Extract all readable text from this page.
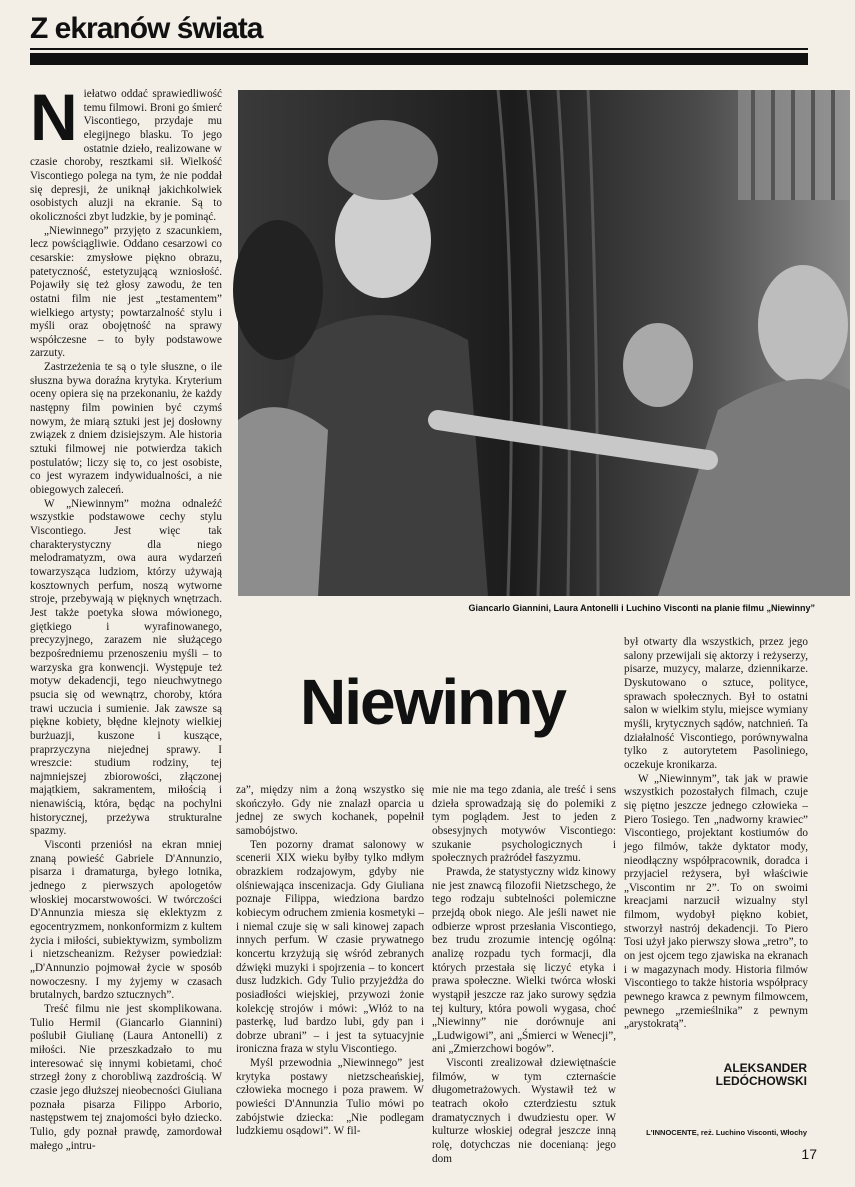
Z ekranów świata

Niełatwo oddać sprawiedliwość temu filmowi. Broni go śmierć Viscontiego, przydaje mu elegijnego blasku. To jego ostatnie dzieło, realizowane w czasie choroby, resztkami sił. Wielkość Viscontiego polega na tym, że nie poddał się depresji, że uniknął jakichkolwiek osobistych aluzji na ekranie. Są to okoliczności zbyt ludzkie, by je pominąć.

„Niewinnego” przyjęto z szacunkiem, lecz powściągliwie. Oddano cesarzowi co cesarskie: zmysłowe piękno obrazu, patetyczność, estetyzującą wzniosłość. Pojawiły się też głosy zawodu, że ten ostatni film nie jest „testamentem” wielkiego artysty; powtarzalność stylu i myśli oraz obojętność na sprawy współczesne – to były podstawowe zarzuty.

Zastrzeżenia te są o tyle słuszne, o ile słuszna bywa doraźna krytyka. Kryterium oceny opiera się na przekonaniu, że każdy następny film powinien być czymś nowym, że miarą sztuki jest jej dosłowny związek z dniem dzisiejszym. Ale historia sztuki filmowej nie potwierdza takich postulatów; liczy się to, co jest osobiste, co jest wyrazem indywidualności, a nie obiegowych zaleceń.

W „Niewinnym” można odnaleźć wszystkie podstawowe cechy stylu Viscontiego. Jest więc tak charakterystyczny dla niego melodramatyzm, owa aura wydarzeń towarzysząca ludziom, którzy używają kosztownych perfum, noszą wytworne stroje, przebywają w pięknych wnętrzach. Jest także poetyka słowa mówionego, giętkiego i wyrafinowanego, precyzyjnego, zarazem nie służącego bezpośredniemu przenoszeniu myśli – to warzyska gra konwencji. Występuje też motyw dekadencji, tego nieuchwytnego psucia się od wewnątrz, choroby, która trawi uczucia i sumienie. Jak zawsze są piękne kobiety, błędne klejnoty wielkiej burżuazji, kuszone i kuszące, praprzyczyna niejednej sprawy. I wreszcie: studium rodziny, tej najmniejszej zbiorowości, złączonej majątkiem, sakramentem, miłością i nienawiścią, która, będąc na pochylni historycznej, przeżywa strukturalne spazmy.

Visconti przeniósł na ekran mniej znaną powieść Gabriele D'Annunzio, pisarza i dramaturga, byłego lotnika, jednego z pierwszych apologetów włoskiej mocarstwowości. W twórczości D'Annunzia miesza się eklektyzm z egocentryzmem, nonkonformizm z kultem życia i miłości, subiektywizm, symbolizm i nietzscheanizm. Reżyser powiedział: „D'Annunzio pojmował życie w sposób nowoczesny. I my żyjemy w czasach brutalnych, bardzo sztucznych”.

Treść filmu nie jest skomplikowana. Tulio Hermil (Giancarlo Giannini) poślubił Giulianę (Laura Antonelli) z miłości. Nie przeszkadzało to mu interesować się innymi kobietami, choć strzegł żony z chorobliwą zazdrością. W czasie jego dłuższej nieobecności Giuliana poznała pisarza Filippo Arborio, następstwem tej znajomości było dziecko. Tulio, gdy poznał prawdę, zamordował małego „intru-

Giancarlo Giannini, Laura Antonelli i Luchino Visconti na planie filmu „Niewinny”
Niewinny

za”, między nim a żoną wszystko się skończyło. Gdy nie znalazł oparcia u jednej ze swych kochanek, popełnił samobójstwo.

Ten pozorny dramat salonowy w scenerii XIX wieku byłby tylko mdłym obrazkiem rodzajowym, gdyby nie olśniewająca inscenizacja. Gdy Giuliana poznaje Filippa, wiedziona bardzo kobiecym odruchem zmienia kosmetyki – i niemal czuje się w sali kinowej zapach innych perfum. W czasie prywatnego koncertu krzyżują się wśród zebranych dźwięki muzyki i spojrzenia – to koncert dusz ludzkich. Gdy Tulio przyjeżdża do posiadłości wiejskiej, przywozi żonie kolekcję strojów i mówi: „Włóż to na pasterkę, lud bardzo lubi, gdy pan i dobrze ubrani” – i jest ta sytuacyjnie ironiczna fraza w stylu Viscontiego.

Myśl przewodnia „Niewinnego” jest krytyka postawy nietzscheańskiej, człowieka mocnego i poza prawem. W powieści D'Annunzia Tulio mówi po zabójstwie dziecka: „Nie podlegam ludzkiemu osądowi”. W fil-

mie nie ma tego zdania, ale treść i sens dzieła sprowadzają się do polemiki z tym poglądem. Jest to jeden z obsesyjnych motywów Viscontiego: szukanie psychologicznych i społecznych prażródeł faszyzmu.

Prawda, że statystyczny widz kinowy nie jest znawcą filozofii Nietzschego, że tego rodzaju subtelności polemiczne przejdą obok niego. Ale jeśli nawet nie odbierze wprost przesłania Viscontiego, bez trudu zrozumie intencję ogólną: analizę rozpadu tych formacji, dla których przestała się liczyć etyka i prawa społeczne. Wielki twórca włoski wystąpił jeszcze raz jako surowy sędzia tej kultury, która powoli wygasa, choć „Niewinny” nie dorównuje ani „Ludwigowi”, ani „Śmierci w Wenecji”, ani „Zmierzchowi bogów”.

Visconti zrealizował dziewiętnaście filmów, w tym czternaście długometrażowych. Wystawił też w teatrach około czterdziestu sztuk dramatycznych i dwudziestu oper. W kulturze włoskiej odegrał jeszcze inną rolę, dotychczas nie docenianą: jego dom

był otwarty dla wszystkich, przez jego salony przewijali się aktorzy i reżyserzy, pisarze, muzycy, malarze, dziennikarze. Dyskutowano o sztuce, polityce, sprawach społecznych. Był to ostatni salon w wielkim stylu, miejsce wymiany myśli, krytycznych sądów, natchnień. Ta działalność Viscontiego, porównywalna tylko z autorytetem Pasoliniego, oczekuje kronikarza.

W „Niewinnym”, tak jak w prawie wszystkich pozostałych filmach, czuje się piętno jeszcze jednego człowieka – Piero Tosiego. Ten „nadworny krawiec” Viscontiego, projektant kostiumów do jego filmów, także dyktator mody, nieodłączny współpracownik, doradca i przyjaciel reżysera, był właściwie „Viscontim nr 2”. To on swoimi kreacjami narzucił wizualny styl filmom, wydobył piękno kobiet, stworzył nastrój dekadencji. To Piero Tosi użył jako pierwszy słowa „retro”, to on jest ojcem tego zjawiska na ekranach i w magazynach mody. Historia filmów Viscontiego to także historia współpracy pewnego krawca z pewnym filmowcem, pewnego „rzemieślnika” z pewnym „arystokratą”.

ALEKSANDER
LEDÓCHOWSKI
L'INNOCENTE, reż. Luchino Visconti, Włochy
17
